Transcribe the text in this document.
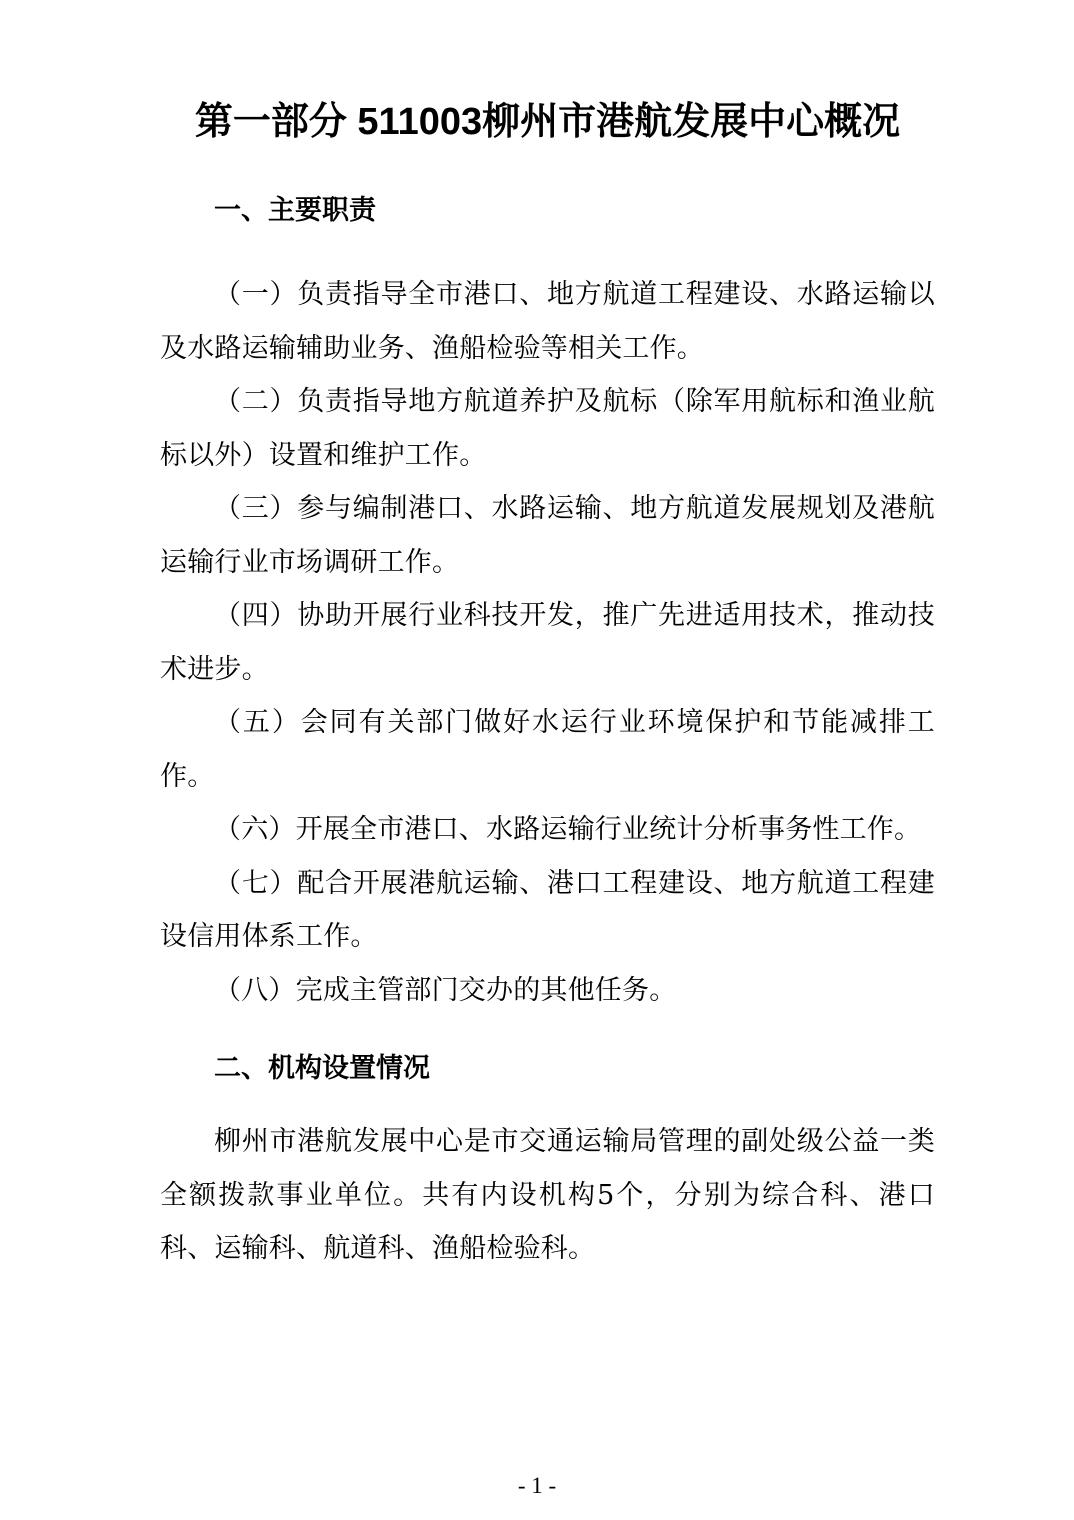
第一部分 511003柳州市港航发展中心概况
一、主要职责

（一）负责指导全市港口、地方航道工程建设、水路运输以及水路运输辅助业务、渔船检验等相关工作。

（二）负责指导地方航道养护及航标（除军用航标和渔业航标以外）设置和维护工作。

（三）参与编制港口、水路运输、地方航道发展规划及港航运输行业市场调研工作。

（四）协助开展行业科技开发，推广先进适用技术，推动技术进步。

（五）会同有关部门做好水运行业环境保护和节能减排工作。

（六）开展全市港口、水路运输行业统计分析事务性工作。

（七）配合开展港航运输、港口工程建设、地方航道工程建设信用体系工作。

（八）完成主管部门交办的其他任务。

二、机构设置情况

柳州市港航发展中心是市交通运输局管理的副处级公益一类全额拨款事业单位。共有内设机构5个，分别为综合科、港口科、运输科、航道科、渔船检验科。

- 1 -
